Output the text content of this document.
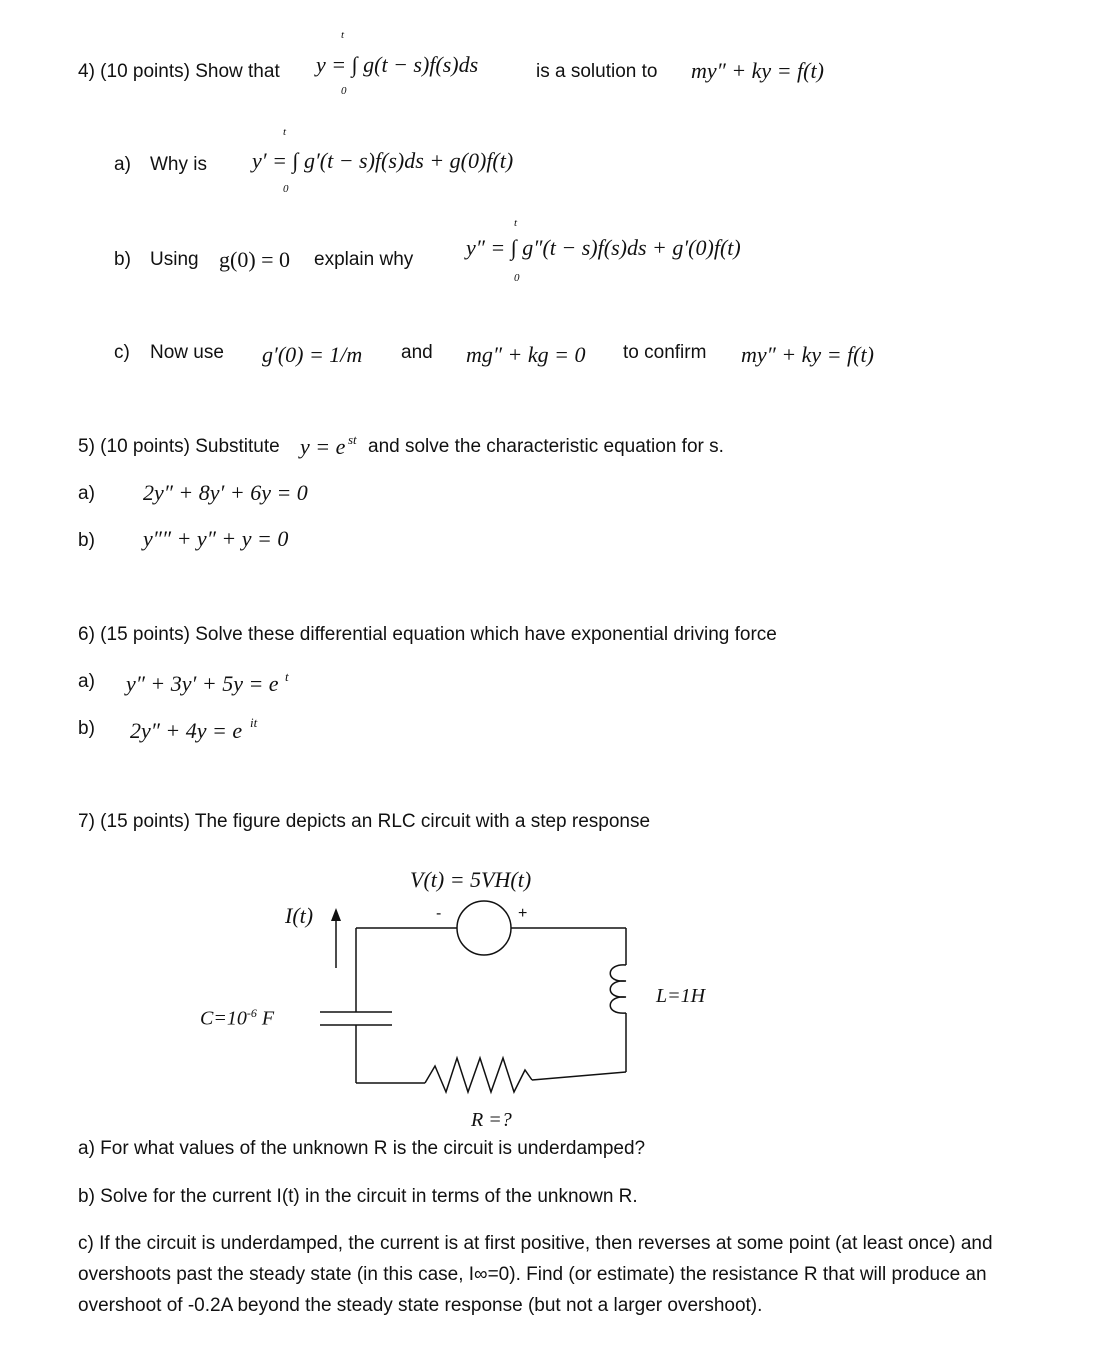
4) (10 points) Show that
t
y = ∫ g(t − s)f(s)ds
0
is a solution to my″ + ky = f(t)
a) Why is
t
y′ = ∫ g′(t − s)f(s)ds + g(0)f(t)
0
b) Using g(0) = 0 explain why
t
y″ = ∫ g″(t − s)f(s)ds + g′(0)f(t)
0
c) Now use g′(0) = 1/m and mg″ + kg = 0 to confirm my″ + ky = f(t)
5) (10 points) Substitute y = e st and solve the characteristic equation for s.
a) 2y″ + 8y′ + 6y = 0
b) y″″ + y″ + y = 0
6) (15 points) Solve these differential equation which have exponential driving force
a) y″ + 3y′ + 5y = e t
b) 2y″ + 4y = e it
7) (15 points) The figure depicts an RLC circuit with a step response
V(t) = 5VH(t)
-	+
I(t)
$C=10^{-6}$ F
L=1H
R =?
a) For what values of the unknown R is the circuit is underdamped?
b) Solve for the current I(t) in the circuit in terms of the unknown R.
c) If the circuit is underdamped, the current is at first positive, then reverses at some point (at least once) and overshoots past the steady state (in this case, I∞=0). Find (or estimate) the resistance R that will produce an overshoot of -0.2A beyond the steady state response (but not a larger overshoot).
